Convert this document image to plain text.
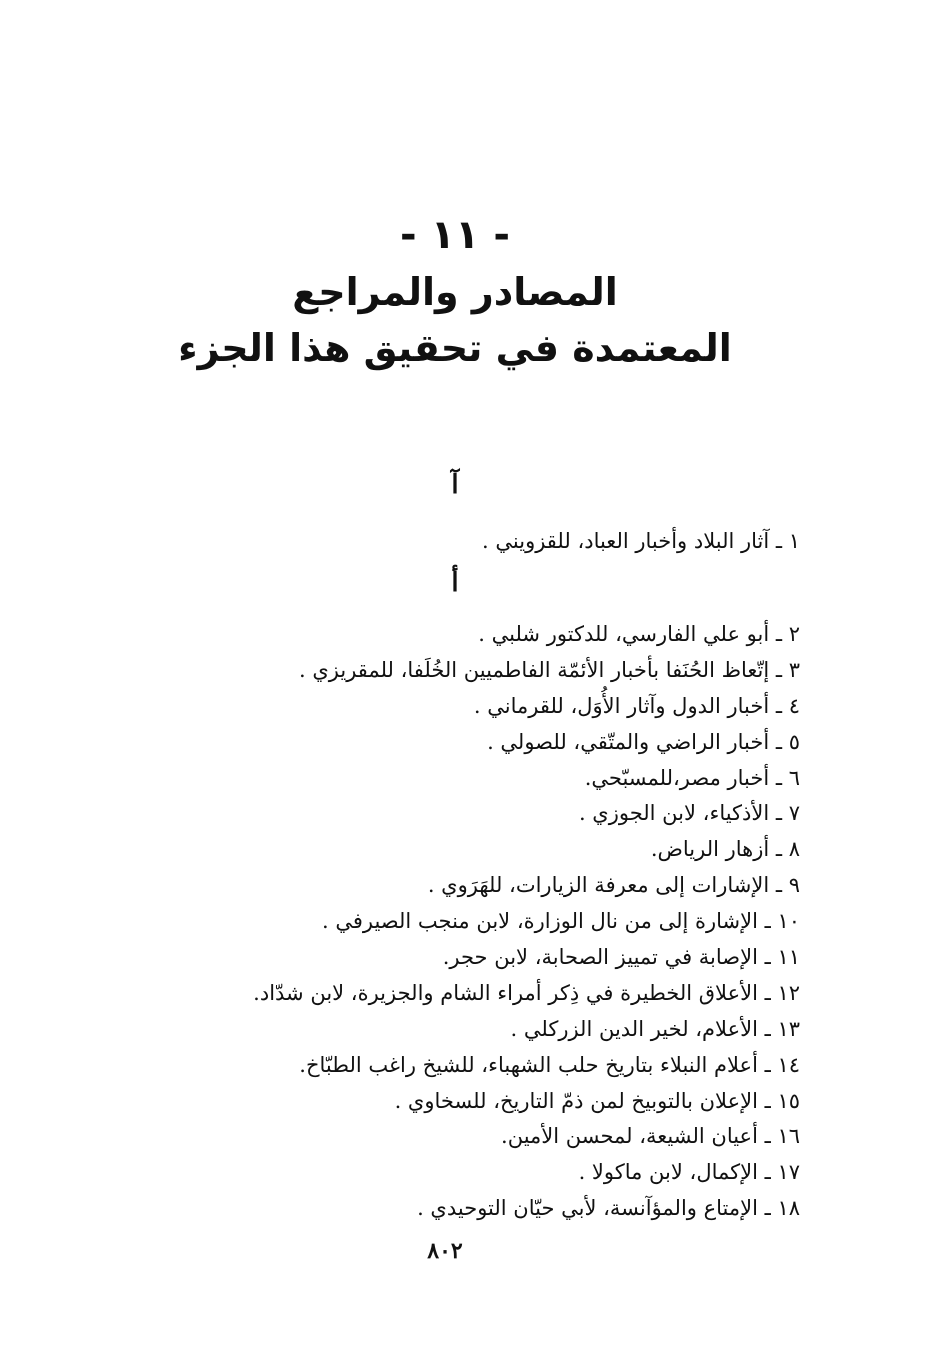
- ١١ -
المصادر والمراجع
المعتمدة في تحقيق هذا الجزء
آ
١ ـ آثار البلاد وأخبار العباد، للقزويني .
أ
٢ ـ أبو علي الفارسي، للدكتور شلبي .
٣ ـ إتّعاظ الحُنَفا بأخبار الأئمّة الفاطميين الخُلَفا، للمقريزي .
٤ ـ أخبار الدول وآثار الأُوَل، للقرماني .
٥ ـ أخبار الراضي والمتّقي، للصولي .
٦ ـ أخبار مصر،للمسبّحي.
٧ ـ الأذكياء، لابن الجوزي .
٨ ـ أزهار الرياض.
٩ ـ الإشارات إلى معرفة الزيارات، للهَرَوي .
١٠ ـ الإشارة إلى من نال الوزارة، لابن منجب الصيرفي .
١١ ـ الإصابة في تمييز الصحابة، لابن حجر.
١٢ ـ الأعلاق الخطيرة في ذِكر أمراء الشام والجزيرة، لابن شدّاد.
١٣ ـ الأعلام، لخير الدين الزركلي .
١٤ ـ أعلام النبلاء بتاريخ حلب الشهباء، للشيخ راغب الطبّاخ.
١٥ ـ الإعلان بالتوبيخ لمن ذمّ التاريخ، للسخاوي .
١٦ ـ أعيان الشيعة، لمحسن الأمين.
١٧ ـ الإكمال، لابن ماكولا .
١٨ ـ الإمتاع والمؤآنسة، لأبي حيّان التوحيدي .
٨٠٢
